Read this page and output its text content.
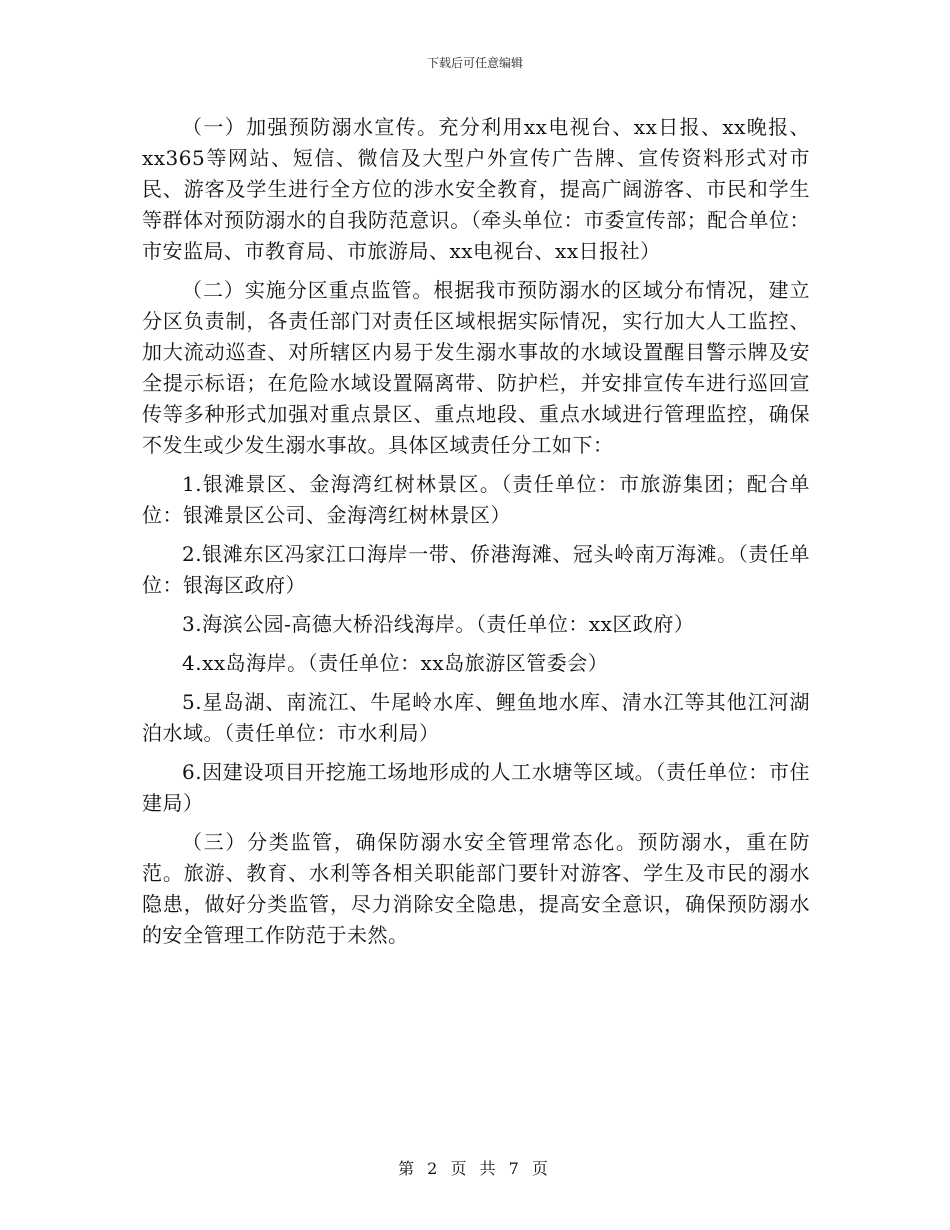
下载后可任意编辑

（一）加强预防溺水宣传。充分利用xx电视台、xx日报、xx晚报、xx365等网站、短信、微信及大型户外宣传广告牌、宣传资料形式对市民、游客及学生进行全方位的涉水安全教育，提高广阔游客、市民和学生等群体对预防溺水的自我防范意识。（牵头单位：市委宣传部；配合单位：市安监局、市教育局、市旅游局、xx电视台、xx日报社）

（二）实施分区重点监管。根据我市预防溺水的区域分布情况，建立分区负责制，各责任部门对责任区域根据实际情况，实行加大人工监控、加大流动巡查、对所辖区内易于发生溺水事故的水域设置醒目警示牌及安全提示标语；在危险水域设置隔离带、防护栏，并安排宣传车进行巡回宣传等多种形式加强对重点景区、重点地段、重点水域进行管理监控，确保不发生或少发生溺水事故。具体区域责任分工如下：

1.银滩景区、金海湾红树林景区。（责任单位：市旅游集团；配合单位：银滩景区公司、金海湾红树林景区）

2.银滩东区冯家江口海岸一带、侨港海滩、冠头岭南万海滩。（责任单位：银海区政府）

3.海滨公园-高德大桥沿线海岸。（责任单位：xx区政府）

4.xx岛海岸。（责任单位：xx岛旅游区管委会）

5.星岛湖、南流江、牛尾岭水库、鲤鱼地水库、清水江等其他江河湖泊水域。（责任单位：市水利局）

6.因建设项目开挖施工场地形成的人工水塘等区域。（责任单位：市住建局）

（三）分类监管，确保防溺水安全管理常态化。预防溺水，重在防范。旅游、教育、水利等各相关职能部门要针对游客、学生及市民的溺水隐患，做好分类监管，尽力消除安全隐患，提高安全意识，确保预防溺水的安全管理工作防范于未然。

第 2 页 共 7 页
